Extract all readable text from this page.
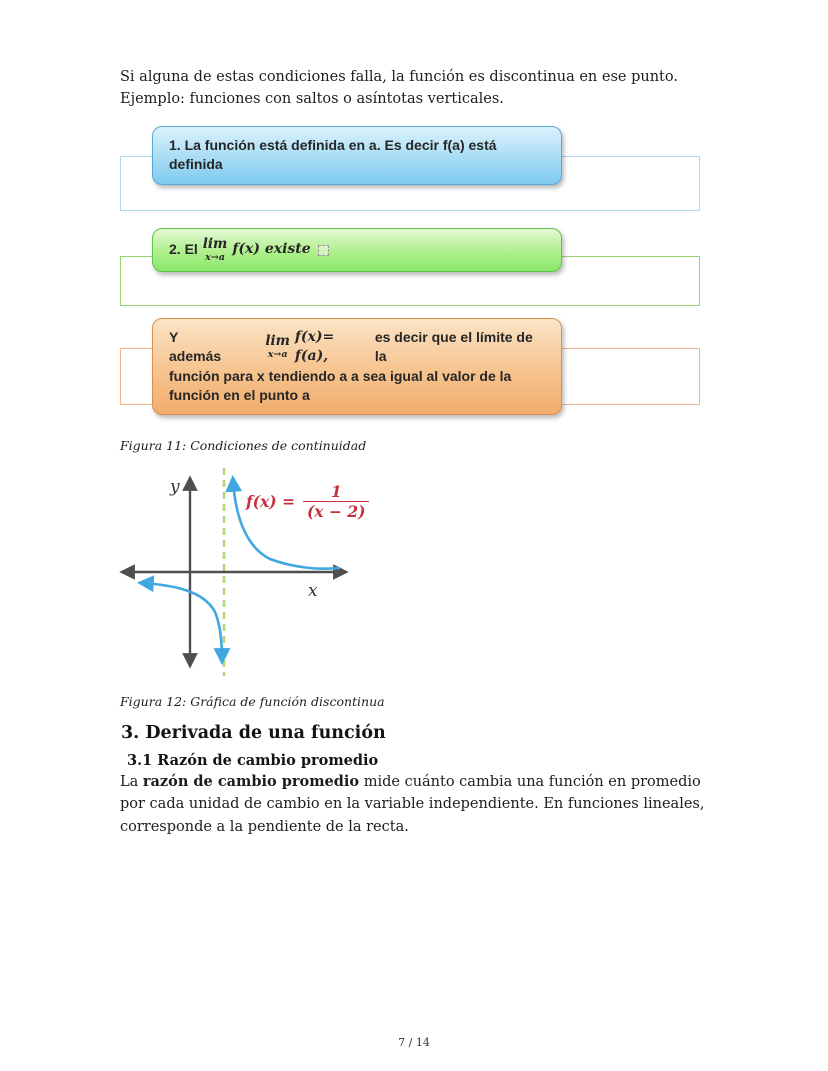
Si alguna de estas condiciones falla, la función es discontinua en ese punto. Ejemplo: funciones con saltos o asíntotas verticales.

1. La función está definida en a. Es decir f(a) está definida
2. El lim
x→a f(x) existe
Y además
lim
x→a
f(x)= f(a),
es decir que el límite de la
función para x tendiendo a a sea igual al valor de la
función en el punto a

Figura 11: Condiciones de continuidad

y
x
$f(x) = \frac{1}{(x - 2)}$

Figura 12: Gráfica de función discontinua

3. Derivada de una función
3.1 Razón de cambio promedio

La razón de cambio promedio mide cuánto cambia una función en promedio por cada unidad de cambio en la variable independiente. En funciones lineales, corresponde a la pendiente de la recta.

7 / 14
